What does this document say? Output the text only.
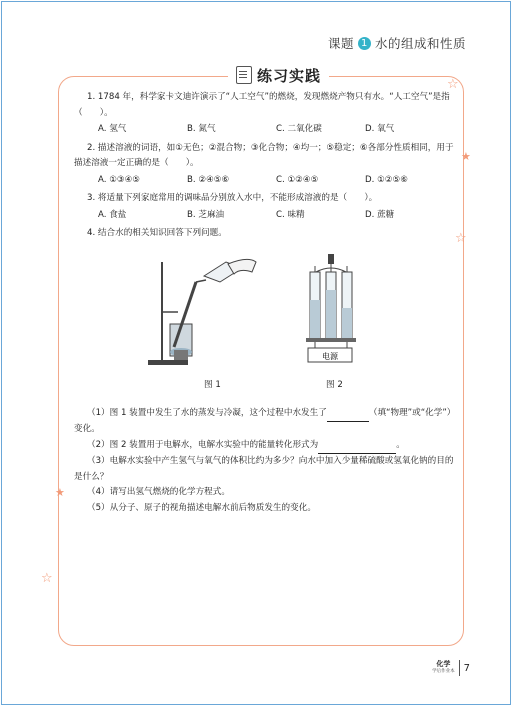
课题 1 水的组成和性质
☆
★
☆
★
☆
练习实践

1. 1784 年，科学家卡文迪许演示了“人工空气”的燃烧，发现燃烧产物只有水。“人工空气”是指（　　）。

A. 氢气	B. 氮气	C. 二氧化碳	D. 氧气

2. 描述溶液的词语，如①无色；②混合物；③化合物；④均一；⑤稳定；⑥各部分性质相同，用于描述溶液一定正确的是（　　）。

A. ①③④⑤	B. ②④⑤⑥	C. ①②④⑤	D. ①②⑤⑥

3. 将适量下列家庭常用的调味品分别放入水中，不能形成溶液的是（　　）。

A. 食盐	B. 芝麻油	C. 味精	D. 蔗糖

4. 结合水的相关知识回答下列问题。

电源
图 1	图 2

（1）图 1 装置中发生了水的蒸发与冷凝，这个过程中水发生了	（填“物理”或“化学”）变化。

（2）图 2 装置用于电解水，电解水实验中的能量转化形式为	。

（3）电解水实验中产生氢气与氧气的体积比约为多少？向水中加入少量稀硫酸或氢氧化钠的目的是什么？

（4）请写出氢气燃烧的化学方程式。

（5）从分子、原子的视角描述电解水前后物质发生的变化。

化学
学后作业本 7
